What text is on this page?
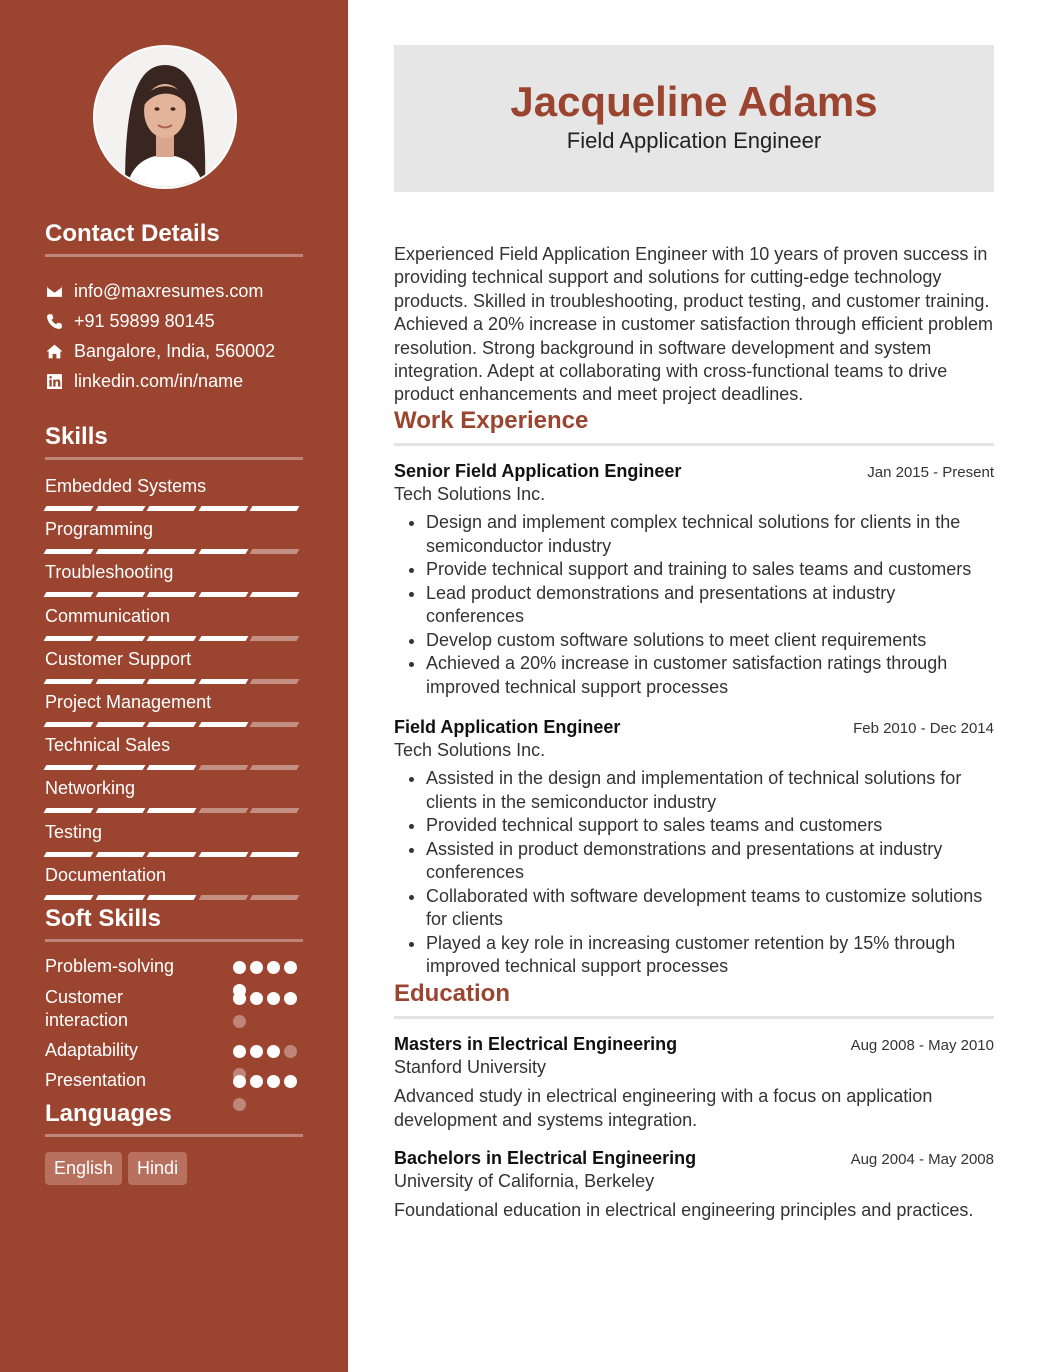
Contact Details
info@maxresumes.com
+91 59899 80145
Bangalore, India, 560002
linkedin.com/in/name
Skills
Embedded Systems
Programming
Troubleshooting
Communication
Customer Support
Project Management
Technical Sales
Networking
Testing
Documentation
Soft Skills
Problem-solving
Customer interaction
Adaptability
Presentation
Languages
English	Hindi
Jacqueline Adams
Field Application Engineer
Experienced Field Application Engineer with 10 years of proven success in providing technical support and solutions for cutting-edge technology products. Skilled in troubleshooting, product testing, and customer training. Achieved a 20% increase in customer satisfaction through efficient problem resolution. Strong background in software development and system integration. Adept at collaborating with cross-functional teams to drive product enhancements and meet project deadlines.
Work Experience
Senior Field Application Engineer	Jan 2015 - Present
Tech Solutions Inc.
• Design and implement complex technical solutions for clients in the semiconductor industry
• Provide technical support and training to sales teams and customers
• Lead product demonstrations and presentations at industry conferences
• Develop custom software solutions to meet client requirements
• Achieved a 20% increase in customer satisfaction ratings through improved technical support processes
Field Application Engineer	Feb 2010 - Dec 2014
Tech Solutions Inc.
• Assisted in the design and implementation of technical solutions for clients in the semiconductor industry
• Provided technical support to sales teams and customers
• Assisted in product demonstrations and presentations at industry conferences
• Collaborated with software development teams to customize solutions for clients
• Played a key role in increasing customer retention by 15% through improved technical support processes
Education
Masters in Electrical Engineering	Aug 2008 - May 2010
Stanford University
Advanced study in electrical engineering with a focus on application development and systems integration.
Bachelors in Electrical Engineering	Aug 2004 - May 2008
University of California, Berkeley
Foundational education in electrical engineering principles and practices.
